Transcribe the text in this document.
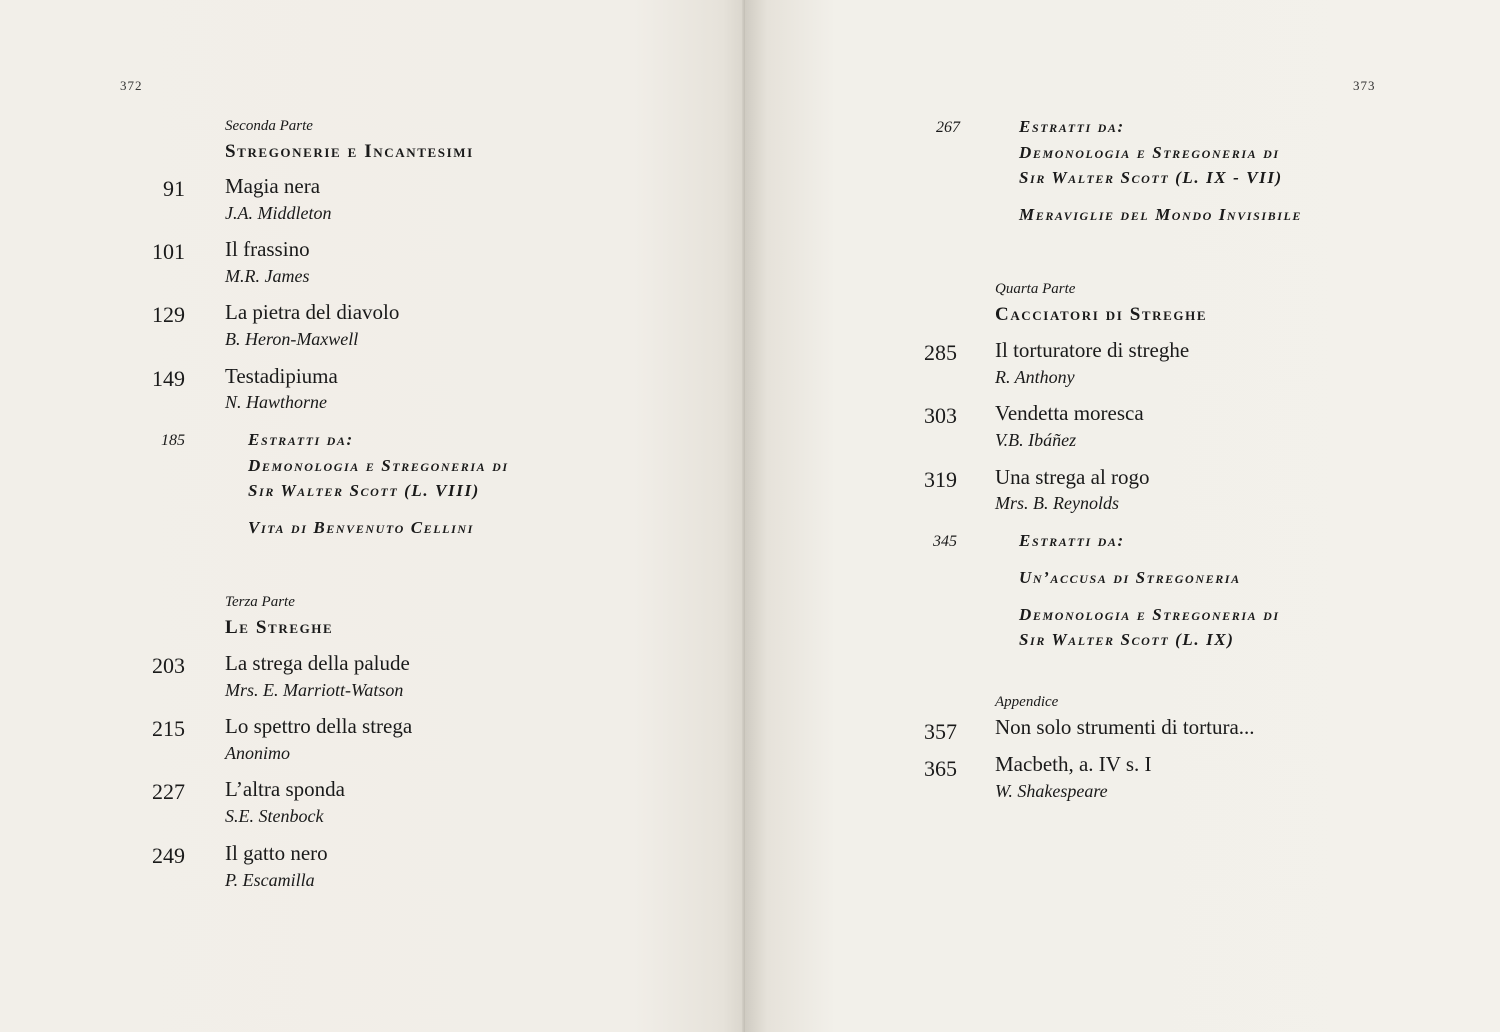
372
Seconda Parte
Stregonerie e Incantesimi
91 Magia nera
J.A. Middleton
101 Il frassino
M.R. James
129 La pietra del diavolo
B. Heron-Maxwell
149 Testadipiuma
N. Hawthorne
185	Estratti da:
Demonologia e Stregoneria di
Sir Walter Scott (L. VIII)
Vita di Benvenuto Cellini
Terza Parte
Le Streghe
203 La strega della palude
Mrs. E. Marriott-Watson
215 Lo spettro della strega
Anonimo
227 L’altra sponda
S.E. Stenbock
249 Il gatto nero
P. Escamilla
373
267	Estratti da:
Demonologia e Stregoneria di
Sir Walter Scott (L. IX - VII)
Meraviglie del Mondo Invisibile
Quarta Parte
Cacciatori di Streghe
285 Il torturatore di streghe
R. Anthony
303 Vendetta moresca
V.B. Ibáñez
319 Una strega al rogo
Mrs. B. Reynolds
345	Estratti da:
Un’accusa di Stregoneria
Demonologia e Stregoneria di
Sir Walter Scott (L. IX)
Appendice
357 Non solo strumenti di tortura...
365 Macbeth, a. IV s. I
W. Shakespeare
